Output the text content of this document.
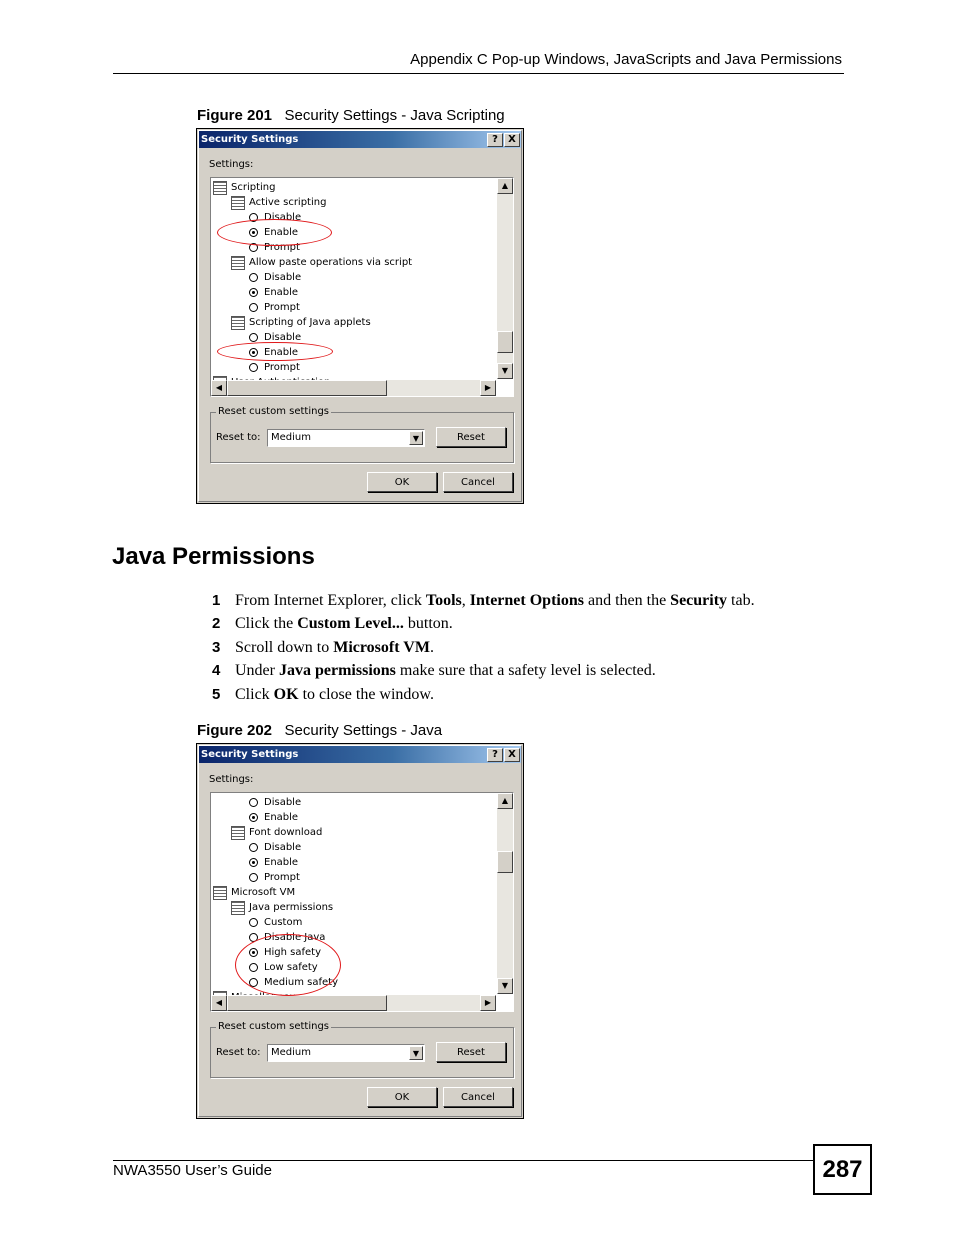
Appendix C Pop-up Windows, JavaScripts and Java Permissions
Figure 201 Security Settings - Java Scripting
Security Settings	?	X
Settings:
Scripting
Active scripting
Disable
Enable
Prompt
Allow paste operations via script
Disable
Enable
Prompt
Scripting of Java applets
Disable
Enable
Prompt
▲
▼
◀	▶
Reset custom settings
Reset to: Medium	▼	Reset
OK	Cancel
Java Permissions
1 From Internet Explorer, click Tools, Internet Options and then the Security tab.
2 Click the Custom Level... button.
3 Scroll down to Microsoft VM.
4 Under Java permissions make sure that a safety level is selected.
5 Click OK to close the window.
Figure 202 Security Settings - Java
Security Settings	?	X
Settings:
Disable
Enable
Font download
Disable
Enable
Prompt
Microsoft VM
Java permissions
Custom
Disable Java
High safety
Low safety
Medium safety
▲
▼
◀	▶
Reset custom settings
Reset to: Medium	▼	Reset
OK	Cancel
NWA3550 User’s Guide	287
